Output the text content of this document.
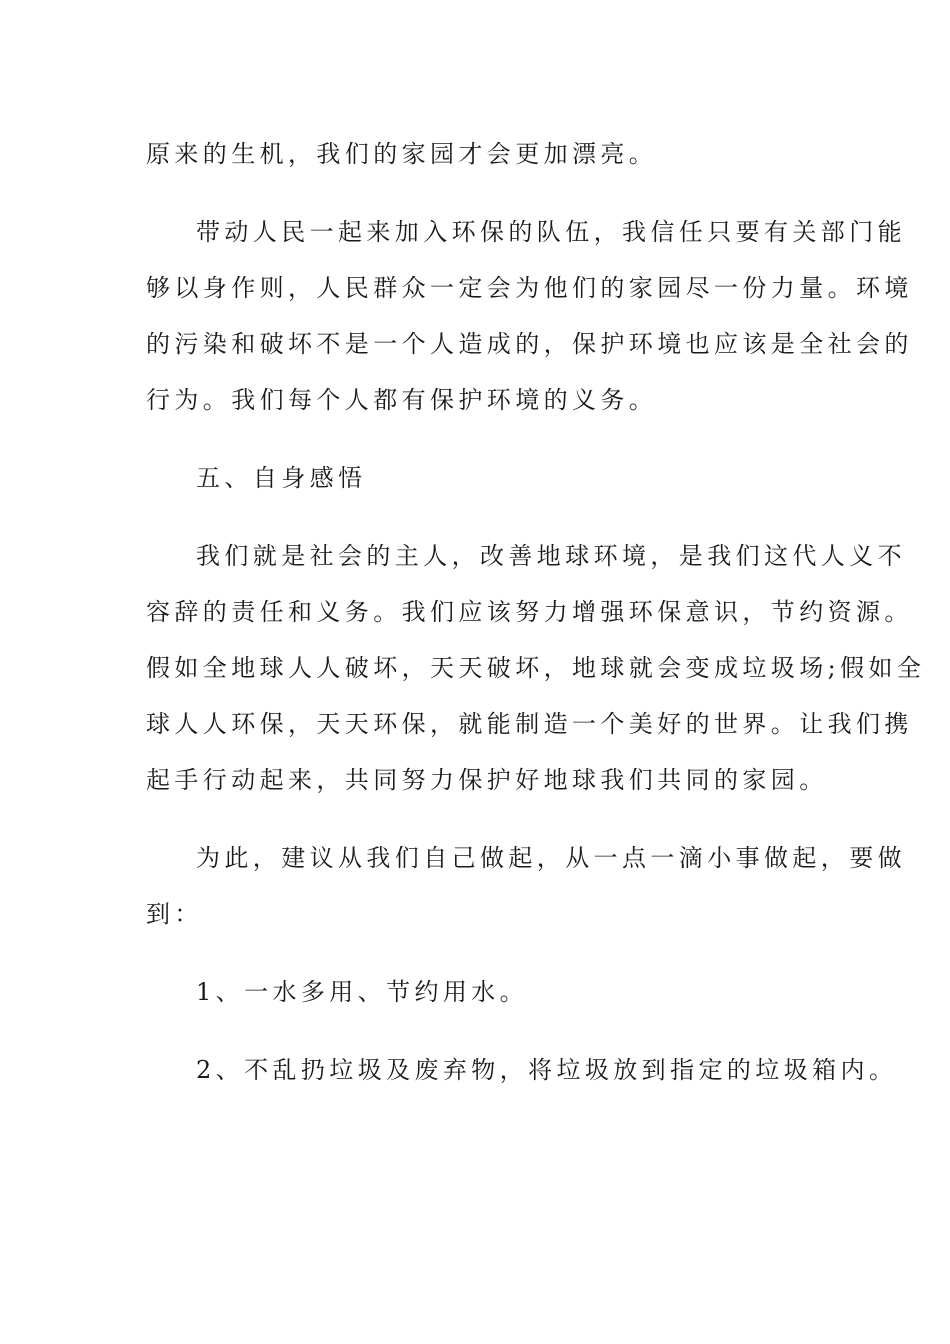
原来的生机，我们的家园才会更加漂亮。
带动人民一起来加入环保的队伍，我信任只要有关部门能
够以身作则，人民群众一定会为他们的家园尽一份力量。环境
的污染和破坏不是一个人造成的，保护环境也应该是全社会的
行为。我们每个人都有保护环境的义务。
五、自身感悟
我们就是社会的主人，改善地球环境，是我们这代人义不
容辞的责任和义务。我们应该努力增强环保意识，节约资源。
假如全地球人人破坏，天天破坏，地球就会变成垃圾场;假如全
球人人环保，天天环保，就能制造一个美好的世界。让我们携
起手行动起来，共同努力保护好地球我们共同的家园。
为此，建议从我们自己做起，从一点一滴小事做起，要做
到：
1、一水多用、节约用水。
2、不乱扔垃圾及废弃物，将垃圾放到指定的垃圾箱内。
